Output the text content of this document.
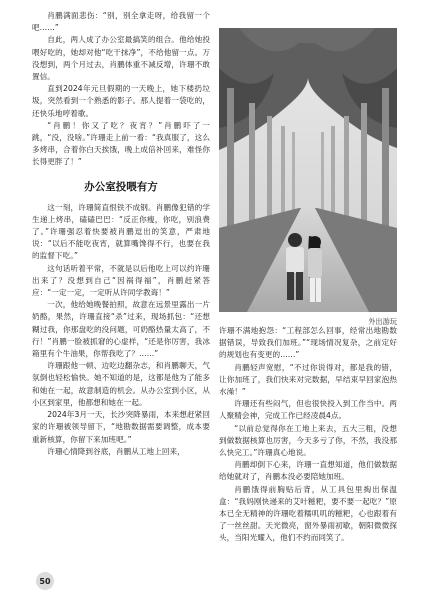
肖鹏满面悲伤：“别，别全拿走呀，给我留一个吧……”

自此，两人成了办公室最搞笑的组合。他给她投喂好吃的，她却对他“吃干抹净”，不给他留一点。万没想到，两个月过去，肖鹏体重不减反增，许珊不敢置信。

直到2024年元旦假期的一天晚上，她下楼扔垃圾，突然看到一个熟悉的影子。那人提着一袋吃的，还快乐地哼着歌。

“肖鹏！你又了吃？夜宵？”肖鹏吓了一跳，“没，没啥。”许珊走上前一看：“我真服了，这么多烤串，合着你白天挨饿，晚上成倍补回来，难怪你长得更胖了！”

办公室投喂有方

这一刻，许珊简直恨铁不成钢。肖鹏像犯错的学生递上烤串，磕磕巴巴：“反正你瘦，你吃，别浪费了。”许珊强忍着快要被肖鹏逗出的笑意，严肃地说：“以后不能吃夜宵，就算嘴馋得不行，也要在我的监督下吃。”

这句话听着平常，不就是以后他吃上可以约许珊出来了？没想到自己“因祸得福”，肖鹏赶紧答应：“一定一定，一定听从许同学教诲！”

一次，他给她晚餐拍照，故意在远景里露出一片奶酪，果然，许珊直接“杀”过来，现场抓包：“还想糊过我，你那盘吃的没问题，可奶酪热量太高了，不行！”肖鹏一脸被抓窘的心虚样，“还是你厉害，我冰箱里有个牛油果，你帮我吃了？……”

许珊跟他一顿、边吃边翻杂志，和肖鹏聊天，气氛倒也轻松愉快。她不知道的是，这都是他为了能多和她在一起，故意制造的机会。从办公室到小区，从小区到家里，他都想和她在一起。

2024年3月一天，长沙突降暴雨，本来想赶紧回家的许珊被领导留下，“地勘数据需要调整，成本要重新核算，你留下来加班吧。”

许珊心情降到谷底，肖鹏从工地上回来，

外出游玩

许珊不满地抱怨：“工程部怎么回事，经常出地勘数据错误，导致我们加班。”“现场情况复杂，之前定好的规划也有变更的……”

肖鹏轻声宽慰，“不过你说得对，都是我的错，让你加班了，我们快来对完数据，早结束早回家泡热水澡！”

许珊还有些闷气，但也很快投入到工作当中。两人聚精会神，完成工作已经凌晨4点。

“以前总觉得你在工地上来去，五大三粗，没想到做数据核算也厉害，今天多亏了你，不然，我没那么快完工。”许珊真心地说。

肖鹏却倒下心来，许珊一直想知道，他们做数据给她就对了，肖鹏本没必要陪她加班。

肖鹏饿得前胸贴后背，从工具包里掏出保温盒：“我妈刚快递来的艾叶糍粑，要不要一起吃？”原本已全无精神的许珊吃着糯叽叽的糍粑，心也跟着有了一丝丝甜。天光微亮，窗外暴雨初歇，朝阳微微探头，当阳光耀入，他们不约而同笑了。

50
